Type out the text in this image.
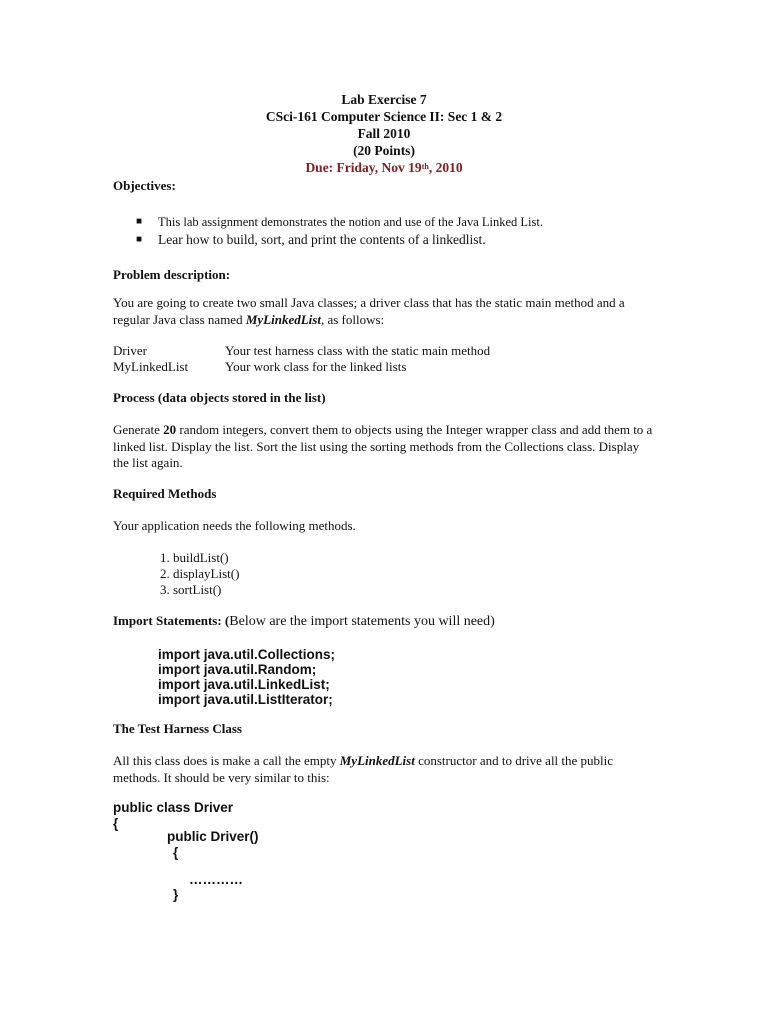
Lab Exercise 7
CSci-161 Computer Science II: Sec 1 & 2
Fall 2010
(20 Points)
Due: Friday, Nov 19th, 2010
Objectives:
■ This lab assignment demonstrates the notion and use of the Java Linked List.
■ Lear how to build, sort, and print the contents of a linkedlist.
Problem description:
You are going to create two small Java classes; a driver class that has the static main method and a regular Java class named MyLinkedList, as follows:
Driver	Your test harness class with the static main method
MyLinkedList	Your work class for the linked lists
Process (data objects stored in the list)
Generate 20 random integers, convert them to objects using the Integer wrapper class and add them to a linked list. Display the list. Sort the list using the sorting methods from the Collections class. Display the list again.
Required Methods
Your application needs the following methods.
1. buildList()
2. displayList()
3. sortList()
Import Statements: (Below are the import statements you will need)
import java.util.Collections;
import java.util.Random;
import java.util.LinkedList;
import java.util.ListIterator;
The Test Harness Class
All this class does is make a call the empty MyLinkedList constructor and to drive all the public methods. It should be very similar to this:
public class Driver
{
public Driver()
{
…………
}
